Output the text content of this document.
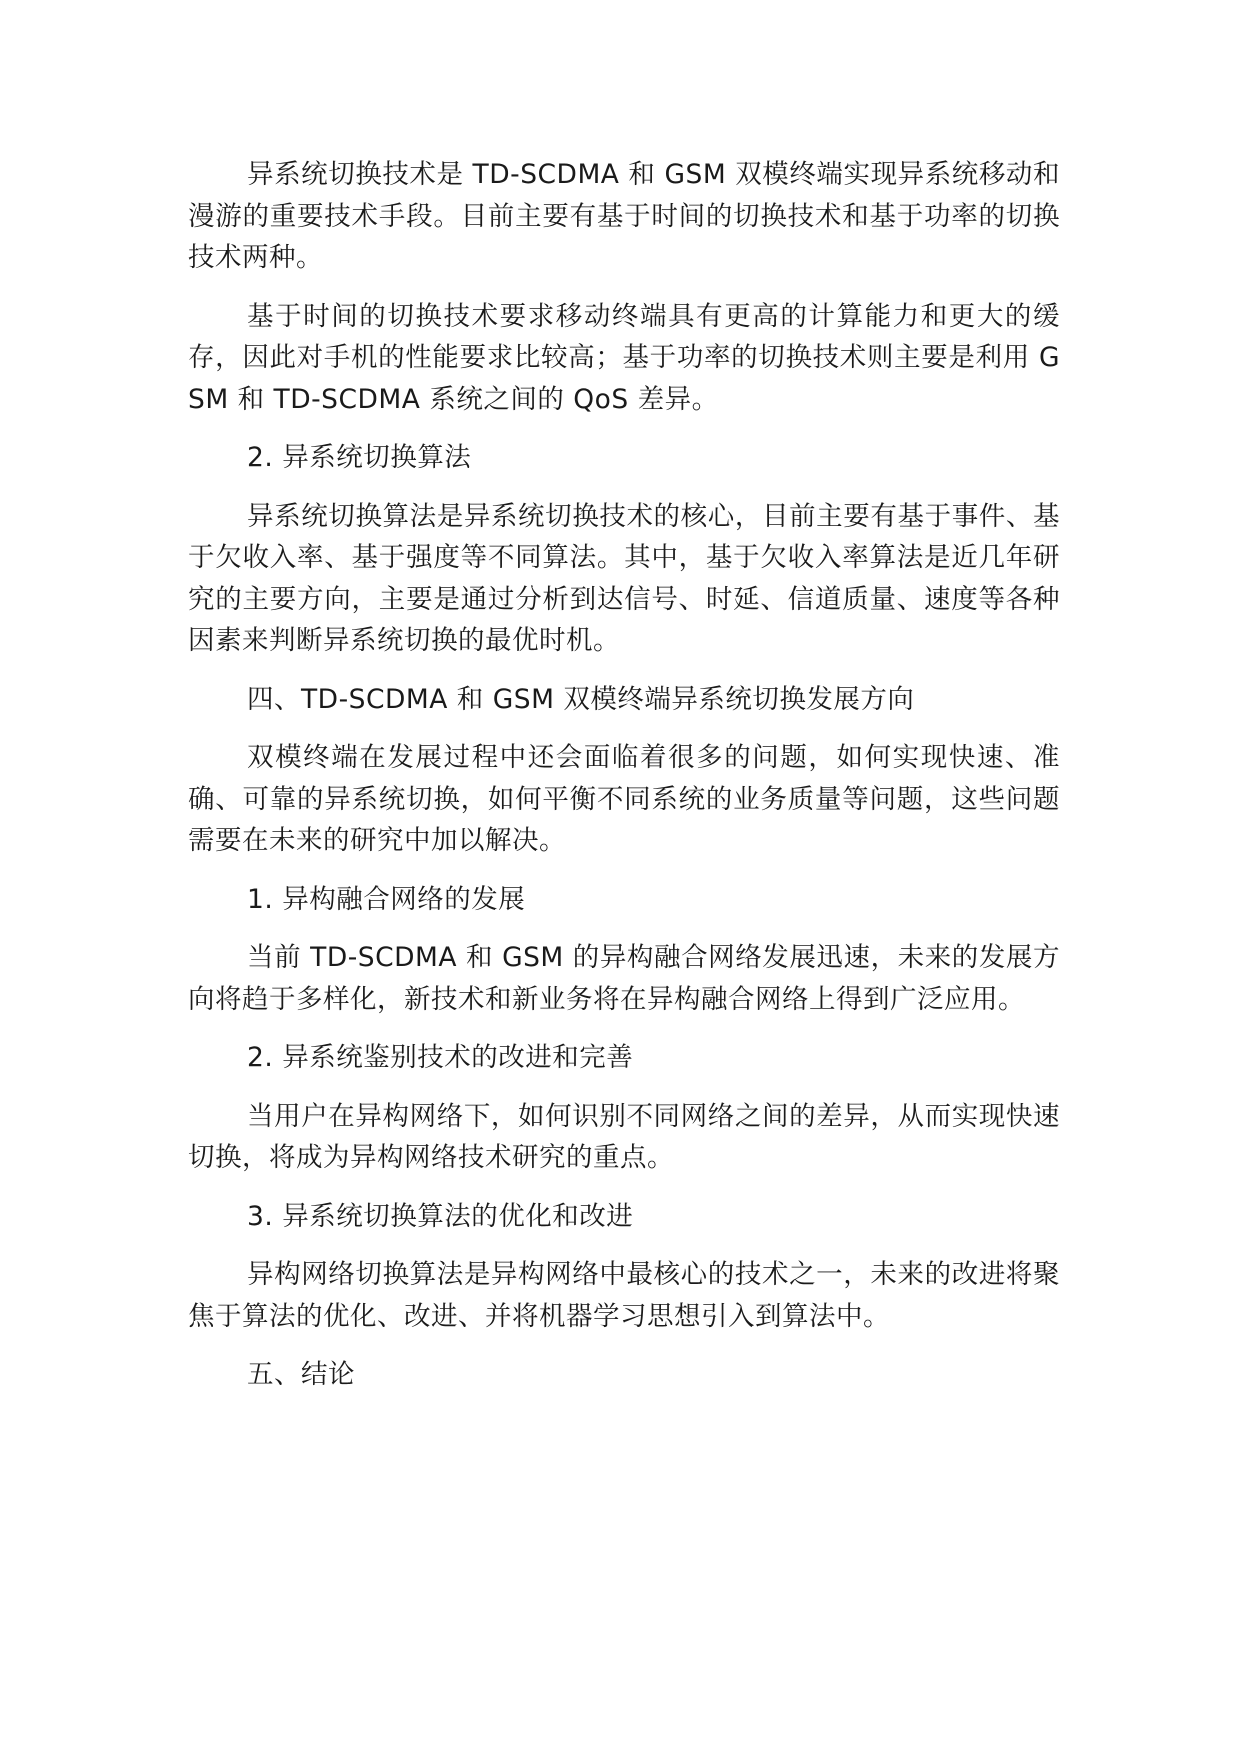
异系统切换技术是 TD-SCDMA 和 GSM 双模终端实现异系统移动和漫游的重要技术手段。目前主要有基于时间的切换技术和基于功率的切换技术两种。

基于时间的切换技术要求移动终端具有更高的计算能力和更大的缓存，因此对手机的性能要求比较高；基于功率的切换技术则主要是利用 GSM 和 TD-SCDMA 系统之间的 QoS 差异。

2. 异系统切换算法

异系统切换算法是异系统切换技术的核心，目前主要有基于事件、基于欠收入率、基于强度等不同算法。其中，基于欠收入率算法是近几年研究的主要方向，主要是通过分析到达信号、时延、信道质量、速度等各种因素来判断异系统切换的最优时机。

四、TD-SCDMA 和 GSM 双模终端异系统切换发展方向

双模终端在发展过程中还会面临着很多的问题，如何实现快速、准确、可靠的异系统切换，如何平衡不同系统的业务质量等问题，这些问题需要在未来的研究中加以解决。

1. 异构融合网络的发展

当前 TD-SCDMA 和 GSM 的异构融合网络发展迅速，未来的发展方向将趋于多样化，新技术和新业务将在异构融合网络上得到广泛应用。

2. 异系统鉴别技术的改进和完善

当用户在异构网络下，如何识别不同网络之间的差异，从而实现快速切换，将成为异构网络技术研究的重点。

3. 异系统切换算法的优化和改进

异构网络切换算法是异构网络中最核心的技术之一，未来的改进将聚焦于算法的优化、改进、并将机器学习思想引入到算法中。

五、结论
